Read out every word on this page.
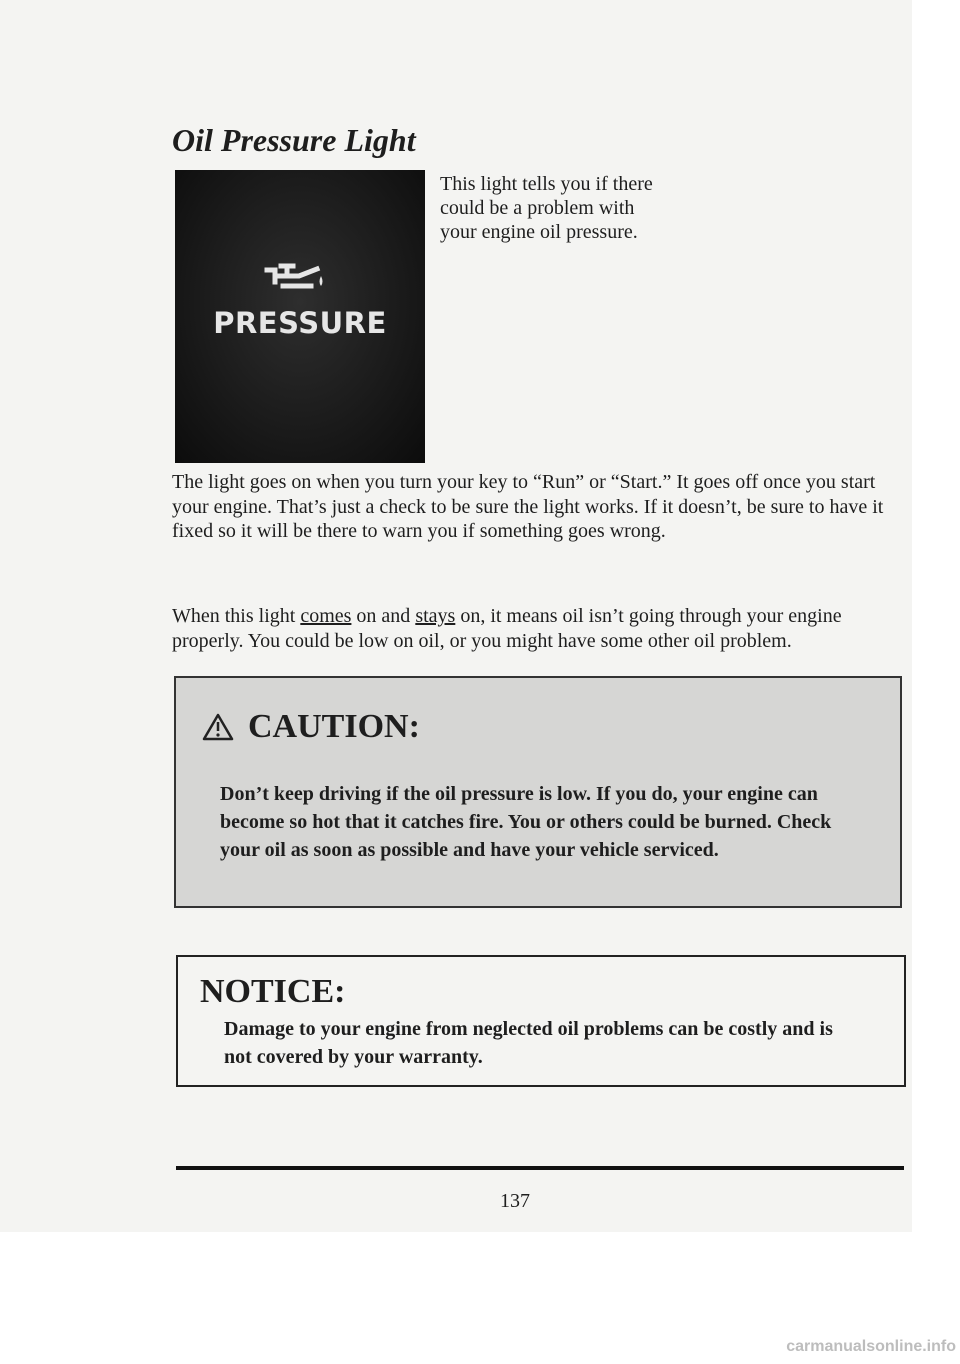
Oil Pressure Light
PRESSURE

This light tells you if there could be a problem with your engine oil pressure.

The light goes on when you turn your key to “Run” or “Start.” It goes off once you start your engine. That’s just a check to be sure the light works. If it doesn’t, be sure to have it fixed so it will be there to warn you if something goes wrong.

When this light comes on and stays on, it means oil isn’t going through your engine properly. You could be low on oil, or you might have some other oil problem.

CAUTION:

Don’t keep driving if the oil pressure is low. If you do, your engine can become so hot that it catches fire. You or others could be burned. Check your oil as soon as possible and have your vehicle serviced.

NOTICE:

Damage to your engine from neglected oil problems can be costly and is not covered by your warranty.

137
carmanualsonline.info
